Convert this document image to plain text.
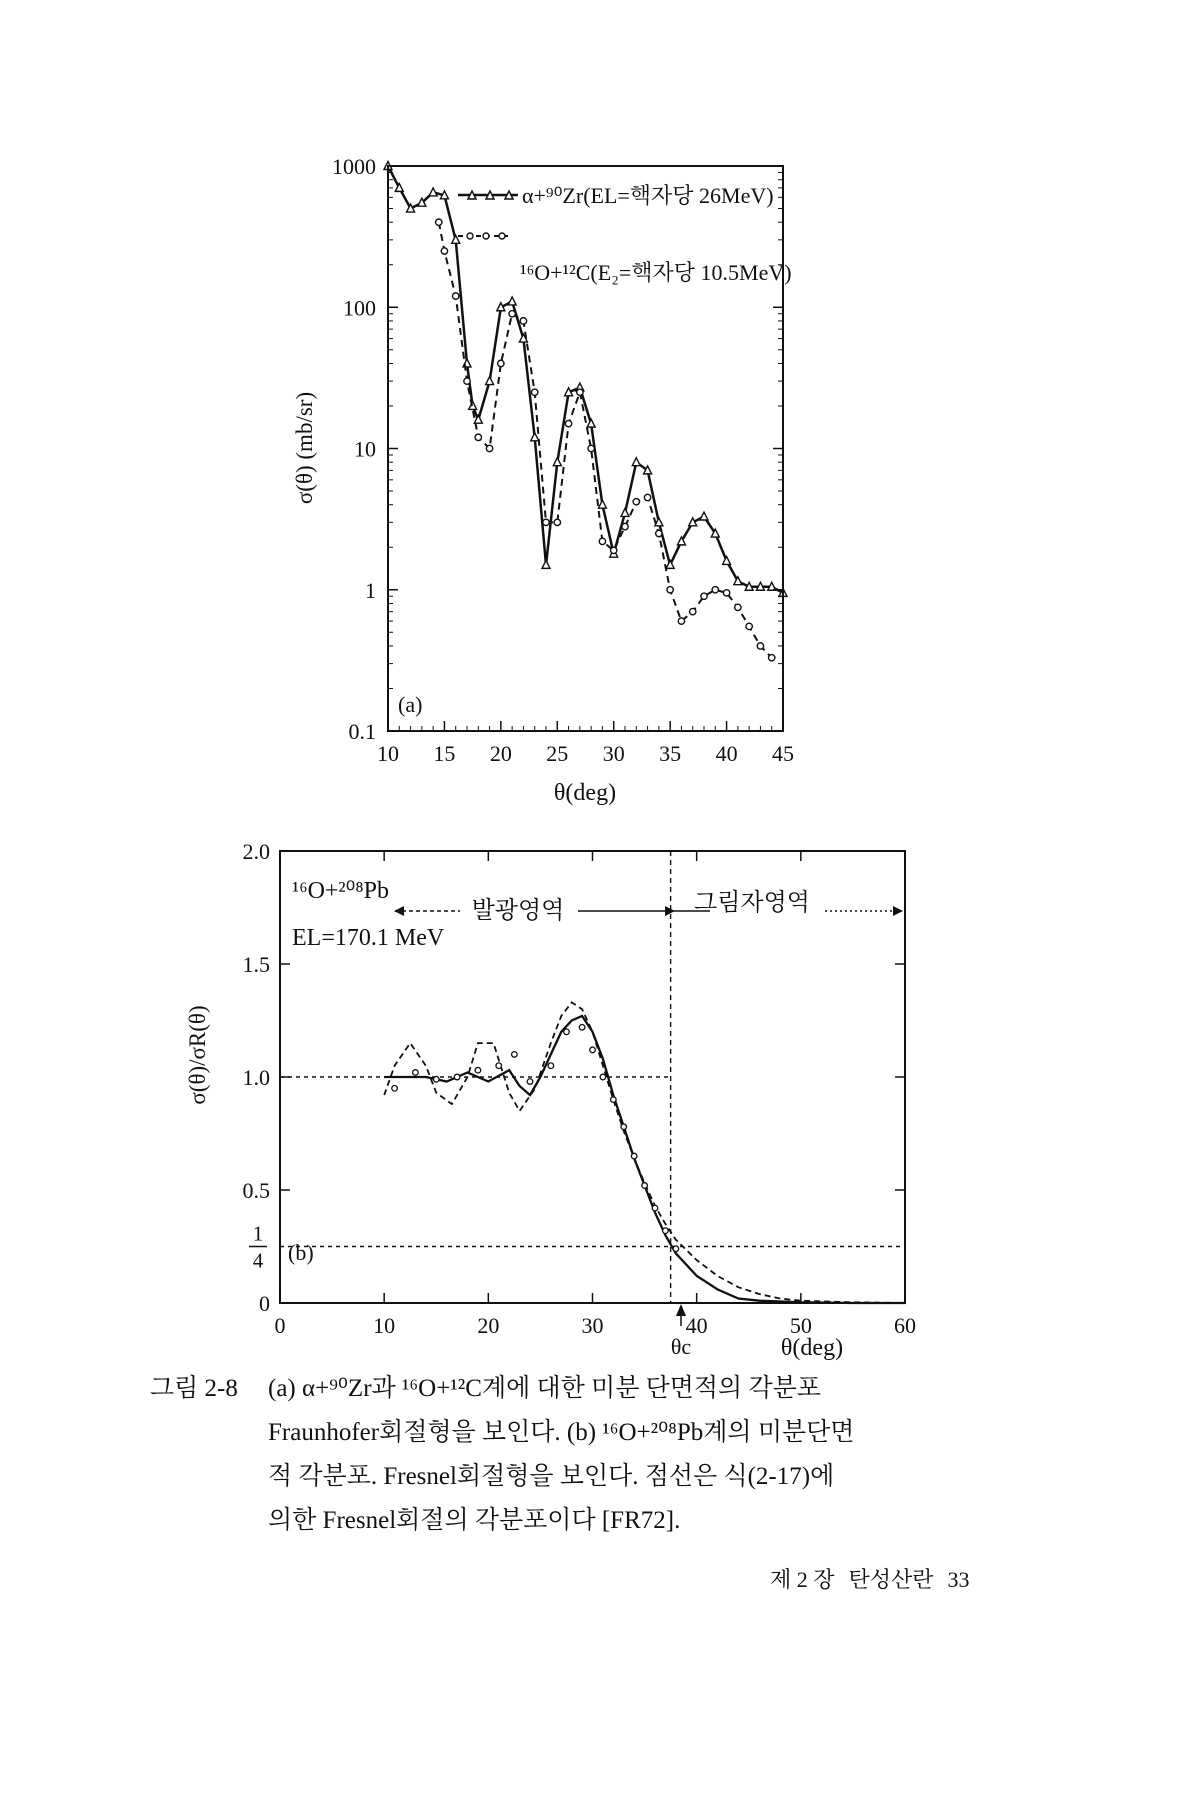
10 15 20 25 30 35 40 45
0.1
1
10
100
1000
(a)
θ(deg)
σ(θ) (mb/sr)
α+⁹⁰Zr(EL=핵자당 26MeV)
¹⁶O+¹²C(E₂=핵자당 10.5MeV)
0	10	20	30	40	50	60
0
0.5
1.0
1.5
2.0
1
4 (b)
¹⁶O+²⁰⁸Pb
EL=170.1 MeV
발광영역	그림자영역
θ(deg)
σ(θ)/σR(θ)
θc
그림 2-8	(a) α+⁹⁰Zr과 ¹⁶O+¹²C계에 대한 미분 단면적의 각분포
Fraunhofer회절형을 보인다. (b) ¹⁶O+²⁰⁸Pb계의 미분단면
적 각분포. Fresnel회절형을 보인다. 점선은 식(2-17)에
의한 Fresnel회절의 각분포이다 [FR72].
제 2 장 탄성산란 33
